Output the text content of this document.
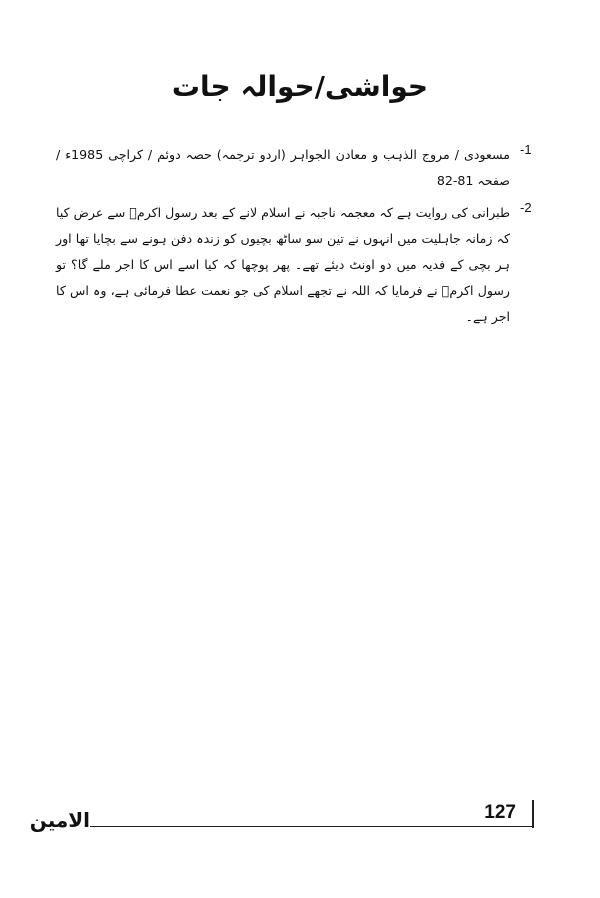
حواشی/حوالہ جات
-1
مسعودی / مروج الذہب و معادن الجواہر (اردو ترجمہ) حصہ دوئم / کراچی 1985ء / صفحہ 81-82
-2
طبرانی کی روایت ہے کہ معجمہ ناجبہ نے اسلام لانے کے بعد رسول اکرمؐ سے عرض کیا کہ زمانہ جاہلیت میں انہوں نے تین سو ساٹھ بچیوں کو زندہ دفن ہونے سے بچایا تھا اور ہر بچی کے فدیہ میں دو اونٹ دیئے تھے۔ پھر پوچھا کہ کیا اسے اس کا اجر ملے گا؟ تو رسول اکرمؐ نے فرمایا کہ اللہ نے تجھے اسلام کی جو نعمت عطا فرمائی ہے، وہ اس کا اجر ہے۔
الامین	127
